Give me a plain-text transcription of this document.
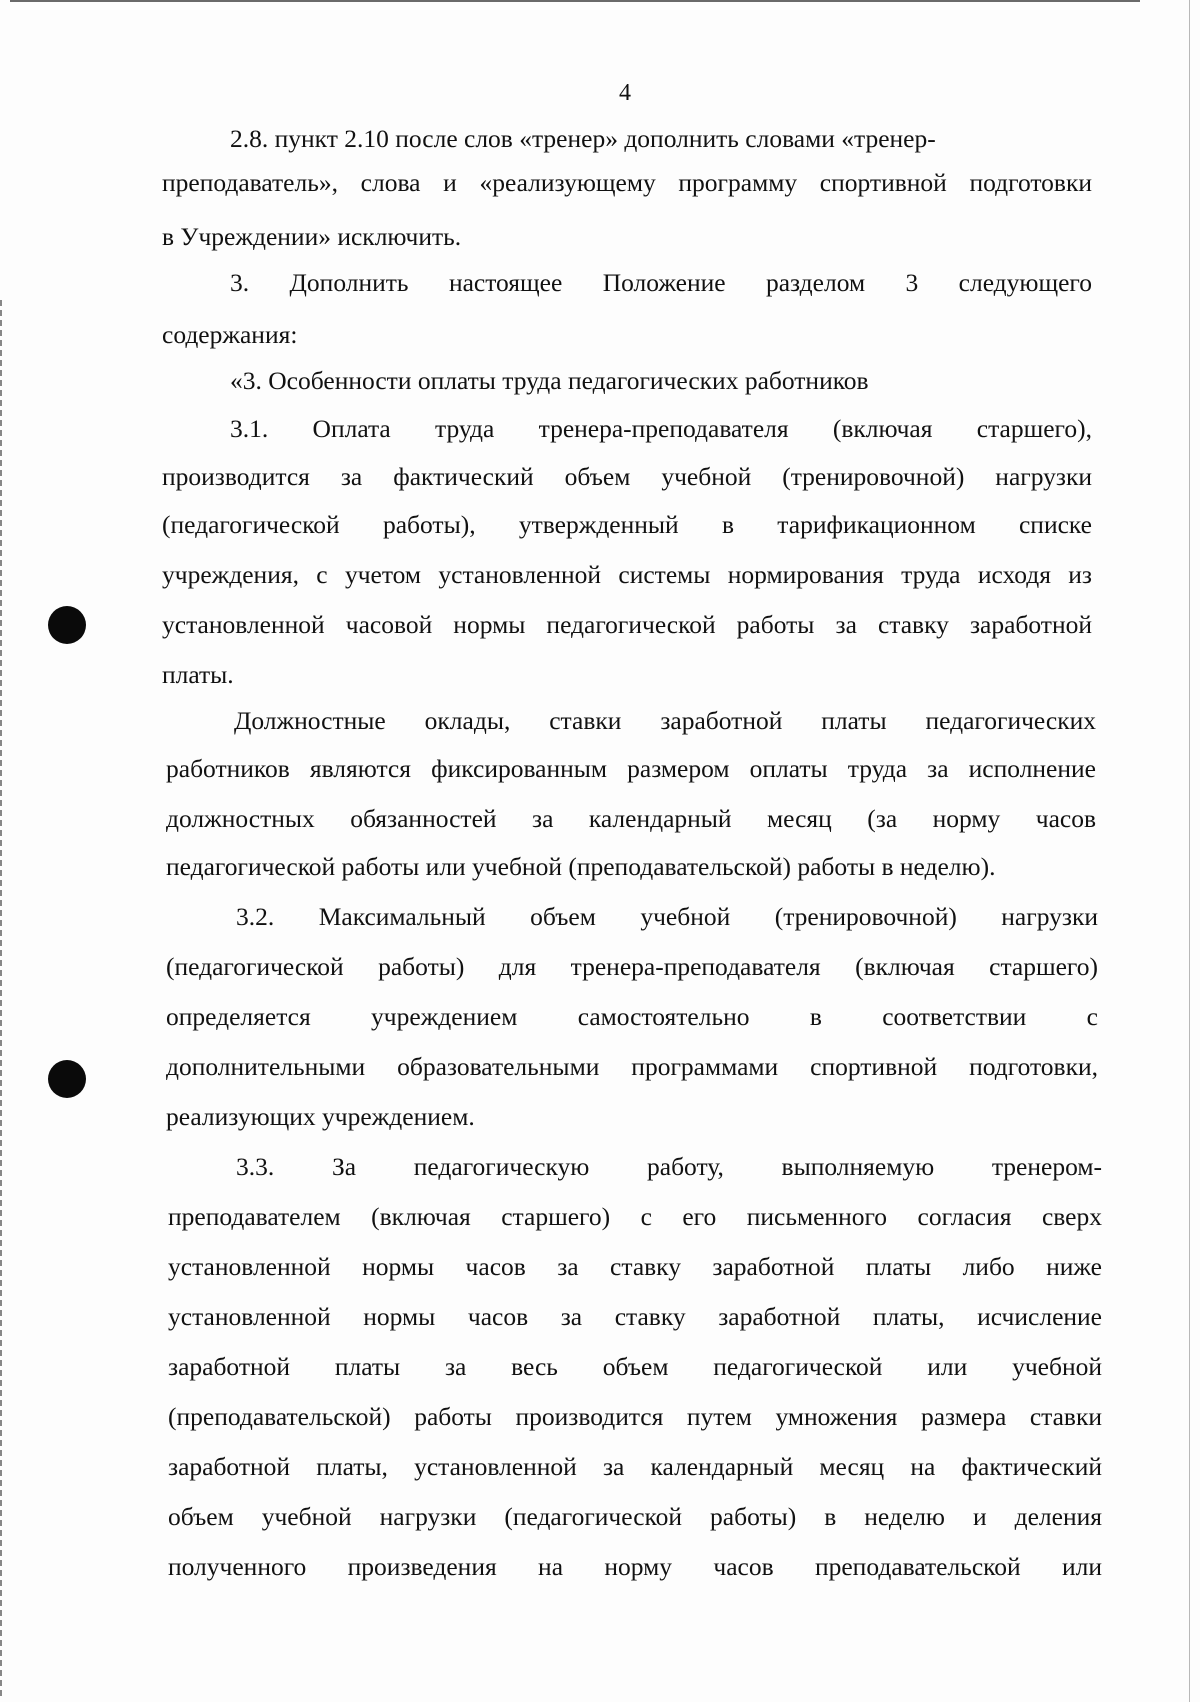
4
2.8. пункт 2.10 после слов «тренер» дополнить словами «тренер-
преподаватель», слова и «реализующему программу спортивной подготовки
в Учреждении» исключить.
3. Дополнить настоящее Положение разделом 3 следующего
содержания:
«3. Особенности оплаты труда педагогических работников
3.1. Оплата труда тренера-преподавателя (включая старшего),
производится за фактический объем учебной (тренировочной) нагрузки
(педагогической работы), утвержденный в тарификационном списке
учреждения, с учетом установленной системы нормирования труда исходя из
установленной часовой нормы педагогической работы за ставку заработной
платы.
Должностные оклады, ставки заработной платы педагогических
работников являются фиксированным размером оплаты труда за исполнение
должностных обязанностей за календарный месяц (за норму часов
педагогической работы или учебной (преподавательской) работы в неделю).
3.2. Максимальный объем учебной (тренировочной) нагрузки
(педагогической работы) для тренера-преподавателя (включая старшего)
определяется учреждением самостоятельно в соответствии с
дополнительными образовательными программами спортивной подготовки,
реализующих учреждением.
3.3. За педагогическую работу, выполняемую тренером-
преподавателем (включая старшего) с его письменного согласия сверх
установленной нормы часов за ставку заработной платы либо ниже
установленной нормы часов за ставку заработной платы, исчисление
заработной платы за весь объем педагогической или учебной
(преподавательской) работы производится путем умножения размера ставки
заработной платы, установленной за календарный месяц на фактический
объем учебной нагрузки (педагогической работы) в неделю и деления
полученного произведения на норму часов преподавательской или
